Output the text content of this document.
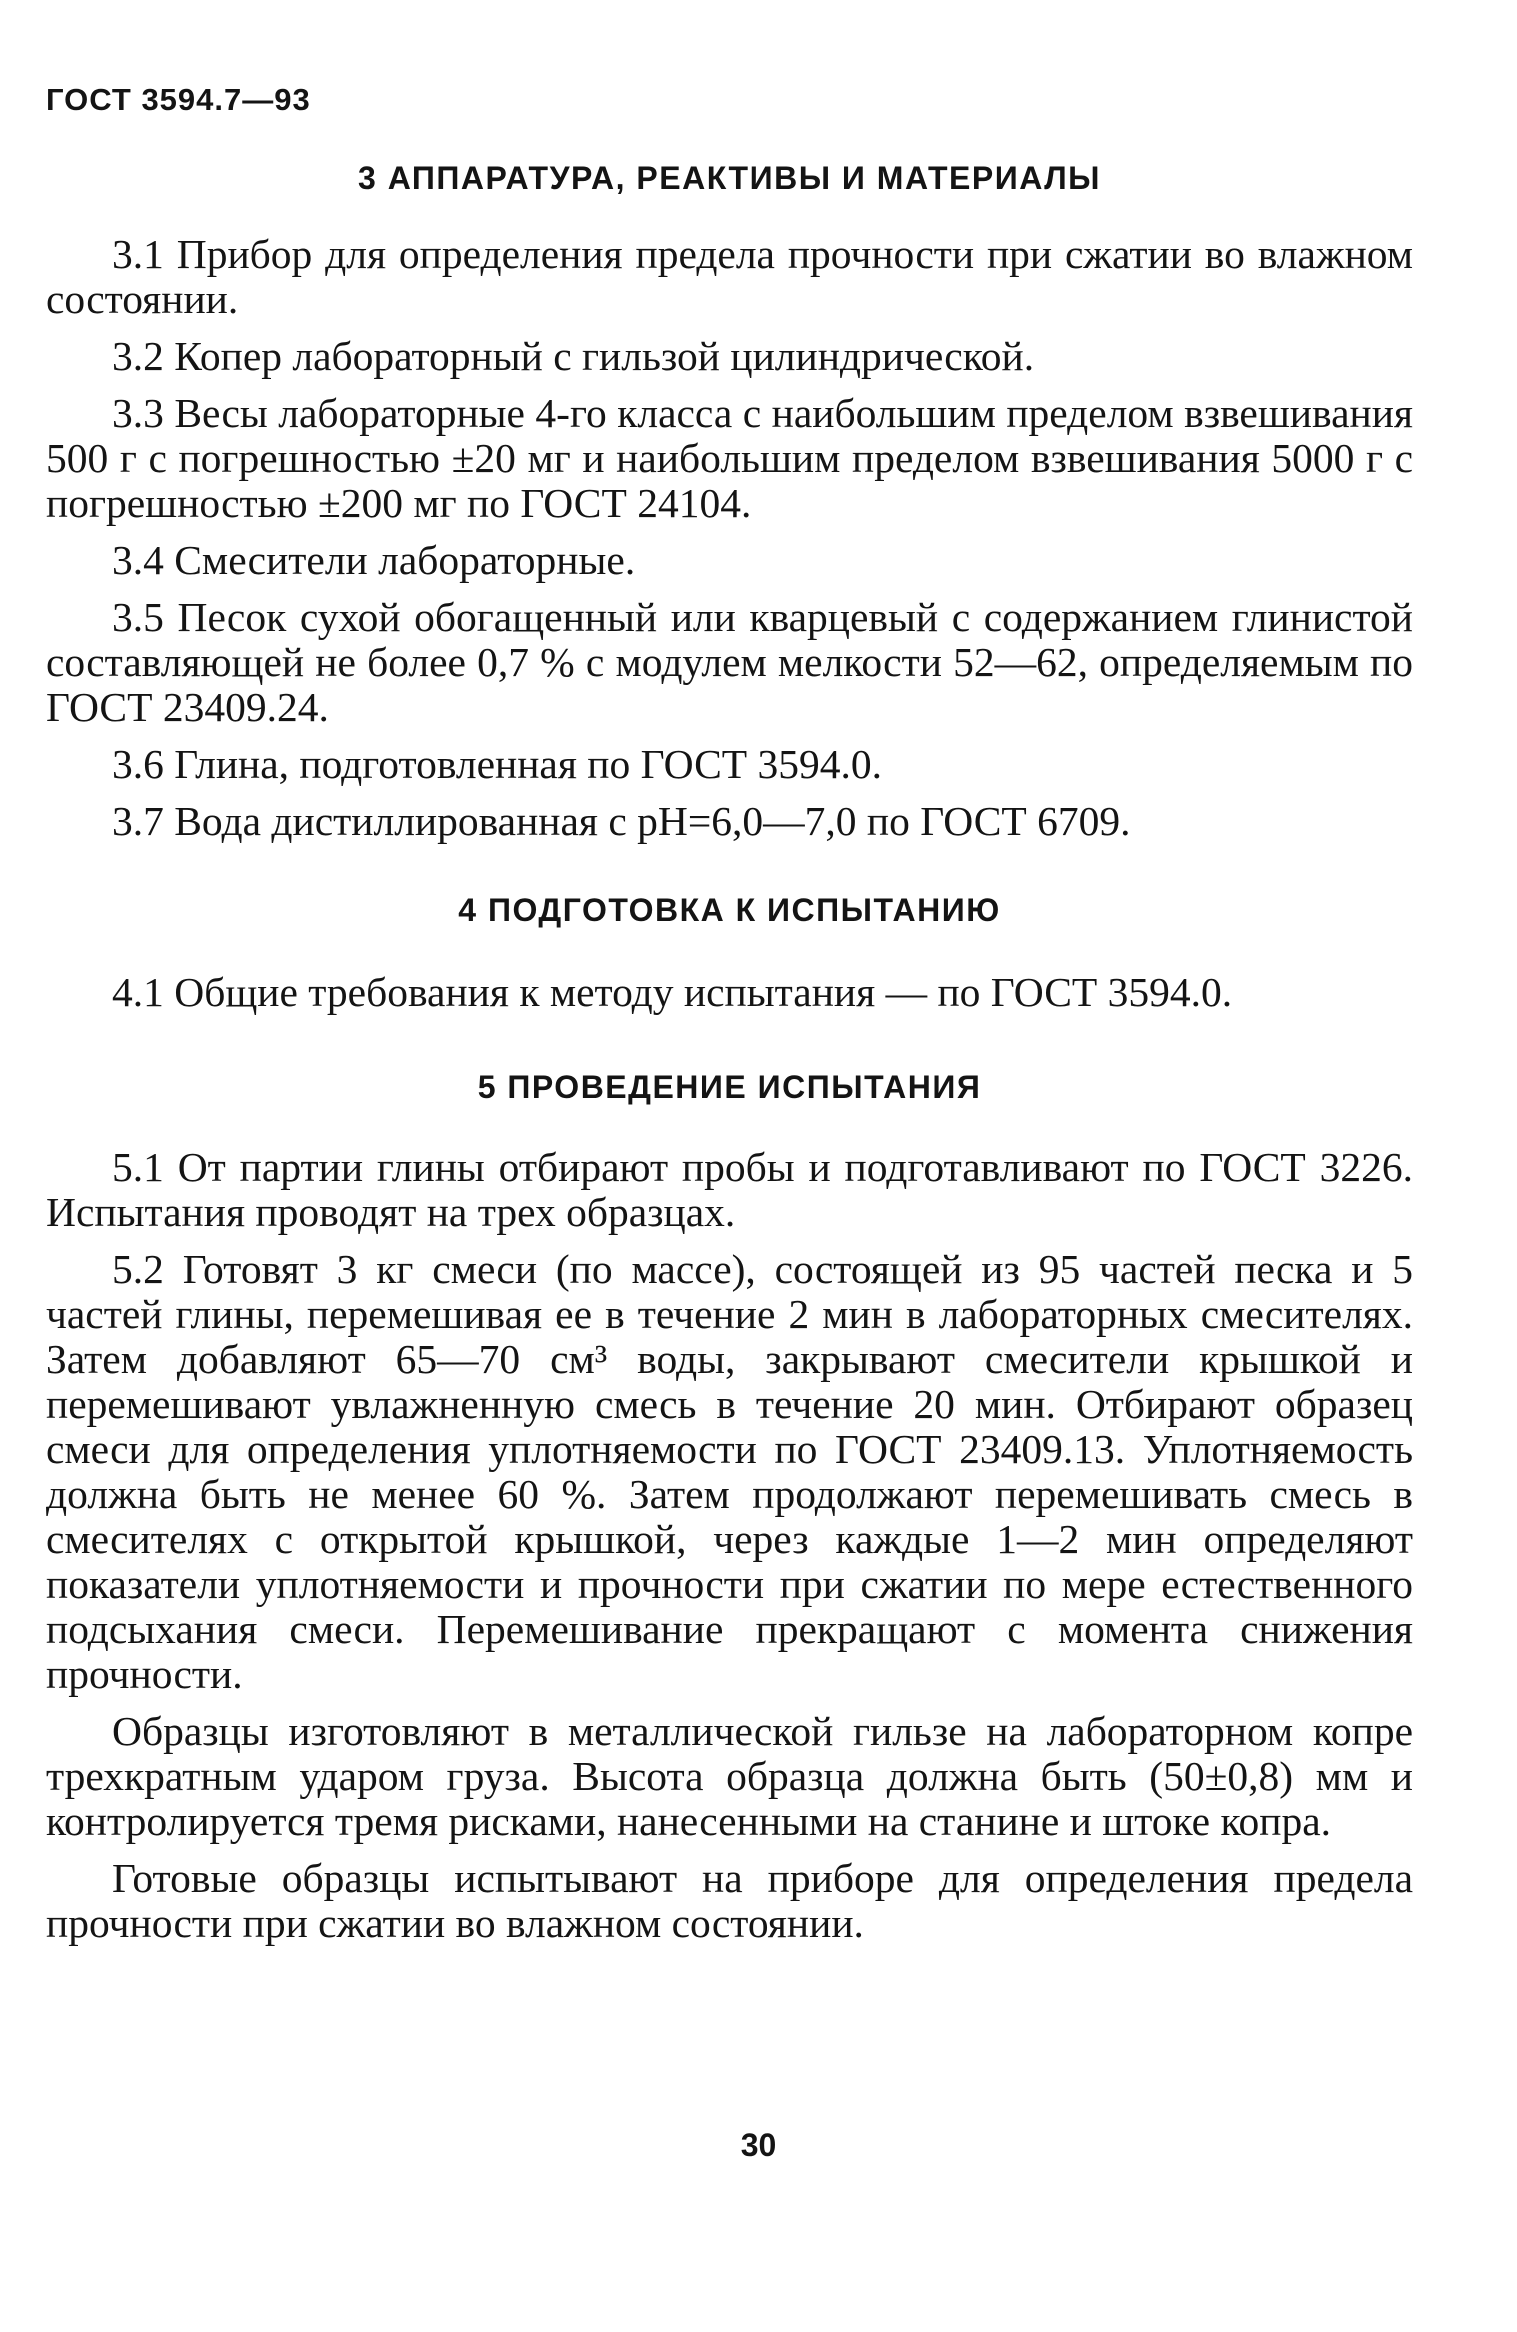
ГОСТ 3594.7—93
3 АППАРАТУРА, РЕАКТИВЫ И МАТЕРИАЛЫ

3.1 Прибор для определения предела прочности при сжатии во влажном состоянии.

3.2 Копер лабораторный с гильзой цилиндрической.

3.3 Весы лабораторные 4-го класса с наибольшим пределом взвешивания 500 г с погрешностью ±20 мг и наибольшим пределом взвешивания 5000 г с погрешностью ±200 мг по ГОСТ 24104.

3.4 Смесители лабораторные.

3.5 Песок сухой обогащенный или кварцевый с содержанием глинистой составляющей не более 0,7 % с модулем мелкости 52—62, определяемым по ГОСТ 23409.24.

3.6 Глина, подготовленная по ГОСТ 3594.0.

3.7 Вода дистиллированная с pH=6,0—7,0 по ГОСТ 6709.

4 ПОДГОТОВКА К ИСПЫТАНИЮ

4.1 Общие требования к методу испытания — по ГОСТ 3594.0.

5 ПРОВЕДЕНИЕ ИСПЫТАНИЯ

5.1 От партии глины отбирают пробы и подготавливают по ГОСТ 3226. Испытания проводят на трех образцах.

5.2 Готовят 3 кг смеси (по массе), состоящей из 95 частей песка и 5 частей глины, перемешивая ее в течение 2 мин в лабораторных смесителях. Затем добавляют 65—70 см³ воды, закрывают смесители крышкой и перемешивают увлажненную смесь в течение 20 мин. Отбирают образец смеси для определения уплотняемости по ГОСТ 23409.13. Уплотняемость должна быть не менее 60 %. Затем продолжают перемешивать смесь в смесителях с открытой крышкой, через каждые 1—2 мин определяют показатели уплотняемости и прочности при сжатии по мере естественного подсыхания смеси. Перемешивание прекращают с момента снижения прочности.

Образцы изготовляют в металлической гильзе на лабораторном копре трехкратным ударом груза. Высота образца должна быть (50±0,8) мм и контролируется тремя рисками, нанесенными на станине и штоке копра.

Готовые образцы испытывают на приборе для определения предела прочности при сжатии во влажном состоянии.

30
